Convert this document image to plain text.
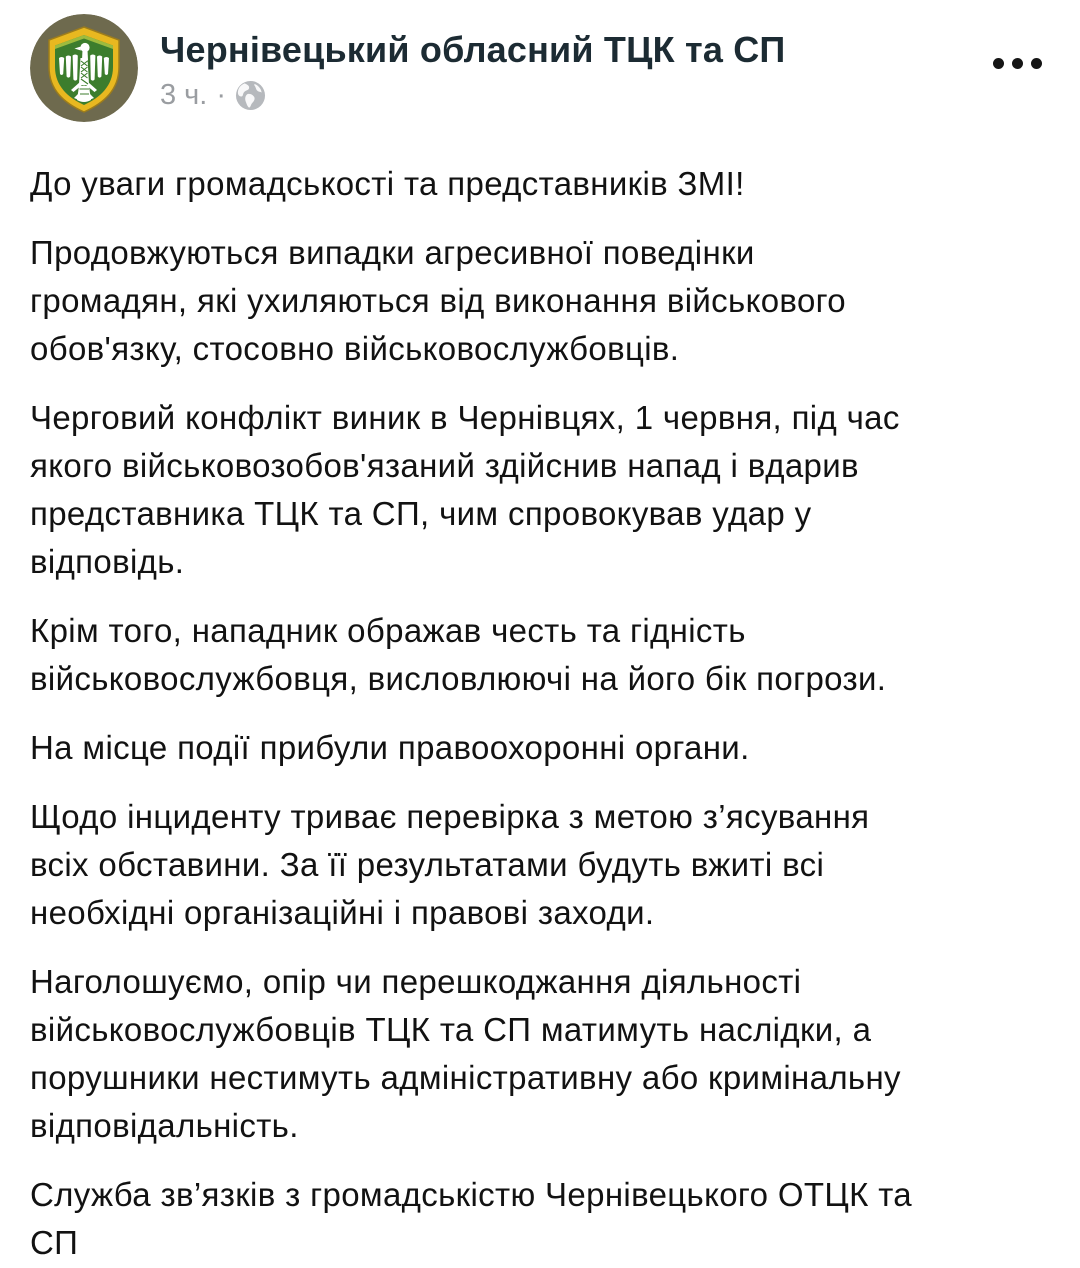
Чернівецький обласний ТЦК та СП
3 ч. ·

До уваги громадськості та представників ЗМІ!

Продовжуються випадки агресивної поведінки
громадян, які ухиляються від виконання військового
обов'язку, стосовно військовослужбовців.

Черговий конфлікт виник в Чернівцях, 1 червня, під час
якого військовозобов'язаний здійснив напад і вдарив
представника ТЦК та СП, чим спровокував удар у
відповідь.

Крім того, нападник ображав честь та гідність
військовослужбовця, висловлюючі на його бік погрози.

На місце події прибули правоохоронні органи.

Щодо інциденту триває перевірка з метою з’ясування
всіх обставини. За її результатами будуть вжиті всі
необхідні організаційні і правові заходи.

Наголошуємо, опір чи перешкоджання діяльності
військовослужбовців ТЦК та СП матимуть наслідки, а
порушники нестимуть адміністративну або кримінальну
відповідальність.

Служба зв’язків з громадськістю Чернівецького ОТЦК та
СП
